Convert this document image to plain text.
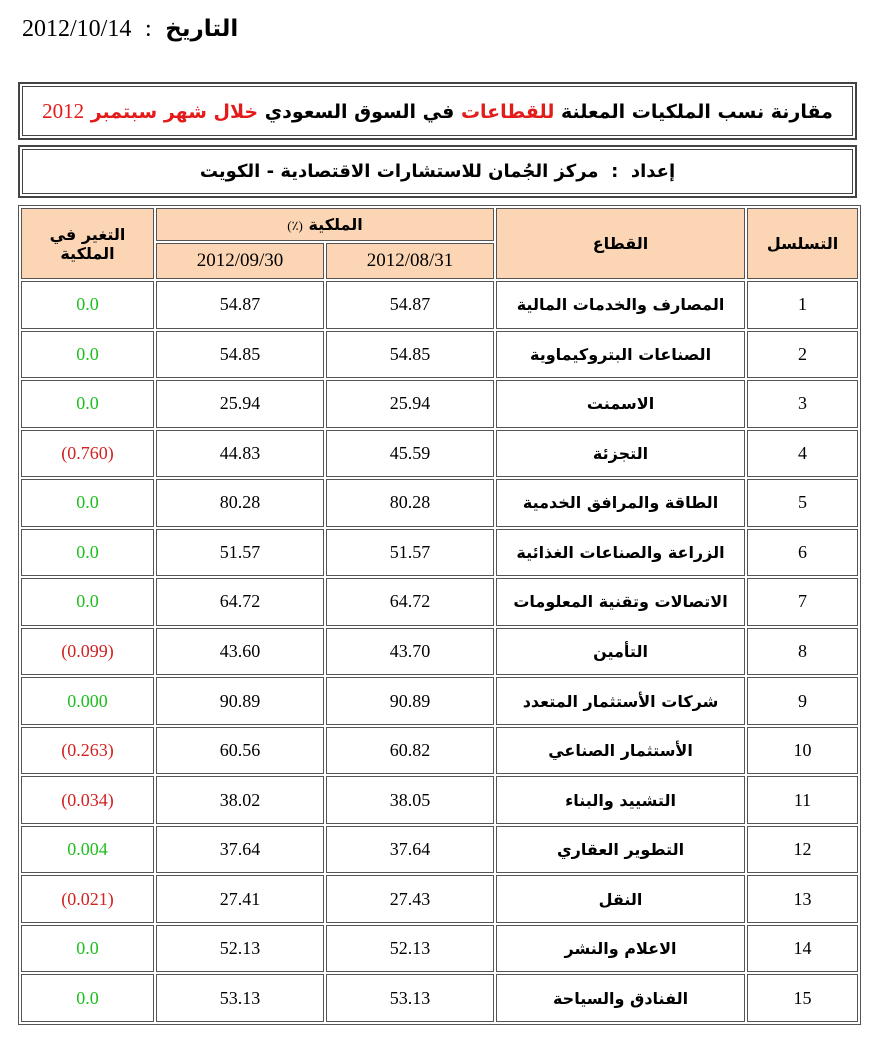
التاريخ  :  2012/10/14
مقارنة نسب الملكيات المعلنة للقطاعات في السوق السعودي خلال شهر سبتمبر 2012
إعداد  :  مركز الجُمان للاستشارات الاقتصادية - الكويت
التسلسل	القطاع	الملكية (٪)		التغير في الملكية
		2012/08/31	2012/09/30	
1	المصارف والخدمات المالية	54.87	54.87	0.0
2	الصناعات البتروكيماوية	54.85	54.85	0.0
3	الاسمنت	25.94	25.94	0.0
4	التجزئة	45.59	44.83	(0.760)
5	الطاقة والمرافق الخدمية	80.28	80.28	0.0
6	الزراعة والصناعات الغذائية	51.57	51.57	0.0
7	الاتصالات وتقنية المعلومات	64.72	64.72	0.0
8	التأمين	43.70	43.60	(0.099)
9	شركات الأستثمار المتعدد	90.89	90.89	0.000
10	الأستثمار الصناعي	60.82	60.56	(0.263)
11	التشييد والبناء	38.05	38.02	(0.034)
12	التطوير العقاري	37.64	37.64	0.004
13	النقل	27.43	27.41	(0.021)
14	الاعلام والنشر	52.13	52.13	0.0
15	الفنادق والسياحة	53.13	53.13	0.0
